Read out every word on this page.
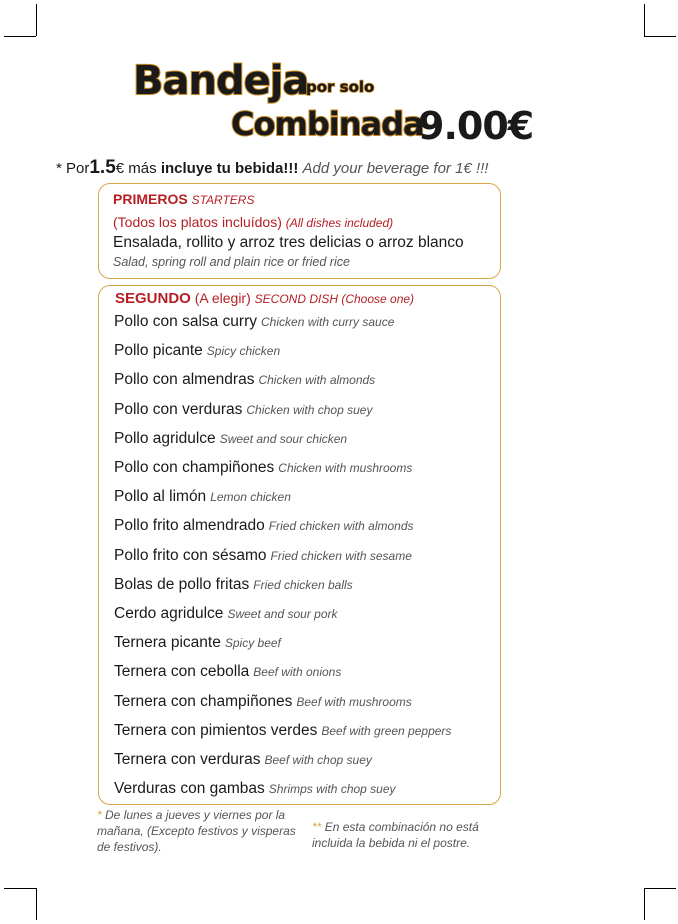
Bandeja
por solo
Combinada
9.00€
* Por1.5€ más incluye tu bebida!!! Add your beverage for 1€ !!!
PRIMEROS STARTERS
(Todos los platos incluídos) (All dishes included)
Ensalada, rollito y arroz tres delicias o arroz blanco
Salad, spring roll and plain rice or fried rice
SEGUNDO (A elegir) SECOND DISH (Choose one)
Pollo con salsa curry Chicken with curry sauce
Pollo picante Spicy chicken
Pollo con almendras Chicken with almonds
Pollo con verduras Chicken with chop suey
Pollo agridulce Sweet and sour chicken
Pollo con champiñones Chicken with mushrooms
Pollo al limón Lemon chicken
Pollo frito almendrado Fried chicken with almonds
Pollo frito con sésamo Fried chicken with sesame
Bolas de pollo fritas Fried chicken balls
Cerdo agridulce Sweet and sour pork
Ternera picante Spicy beef
Ternera con cebolla Beef with onions
Ternera con champiñones Beef with mushrooms
Ternera con pimientos verdes Beef with green peppers
Ternera con verduras Beef with chop suey
Verduras con gambas Shrimps with chop suey
* De lunes a jueves y viernes por la mañana, (Excepto festivos y visperas de festivos).
** En esta combinación no está incluida la bebida ni el postre.
